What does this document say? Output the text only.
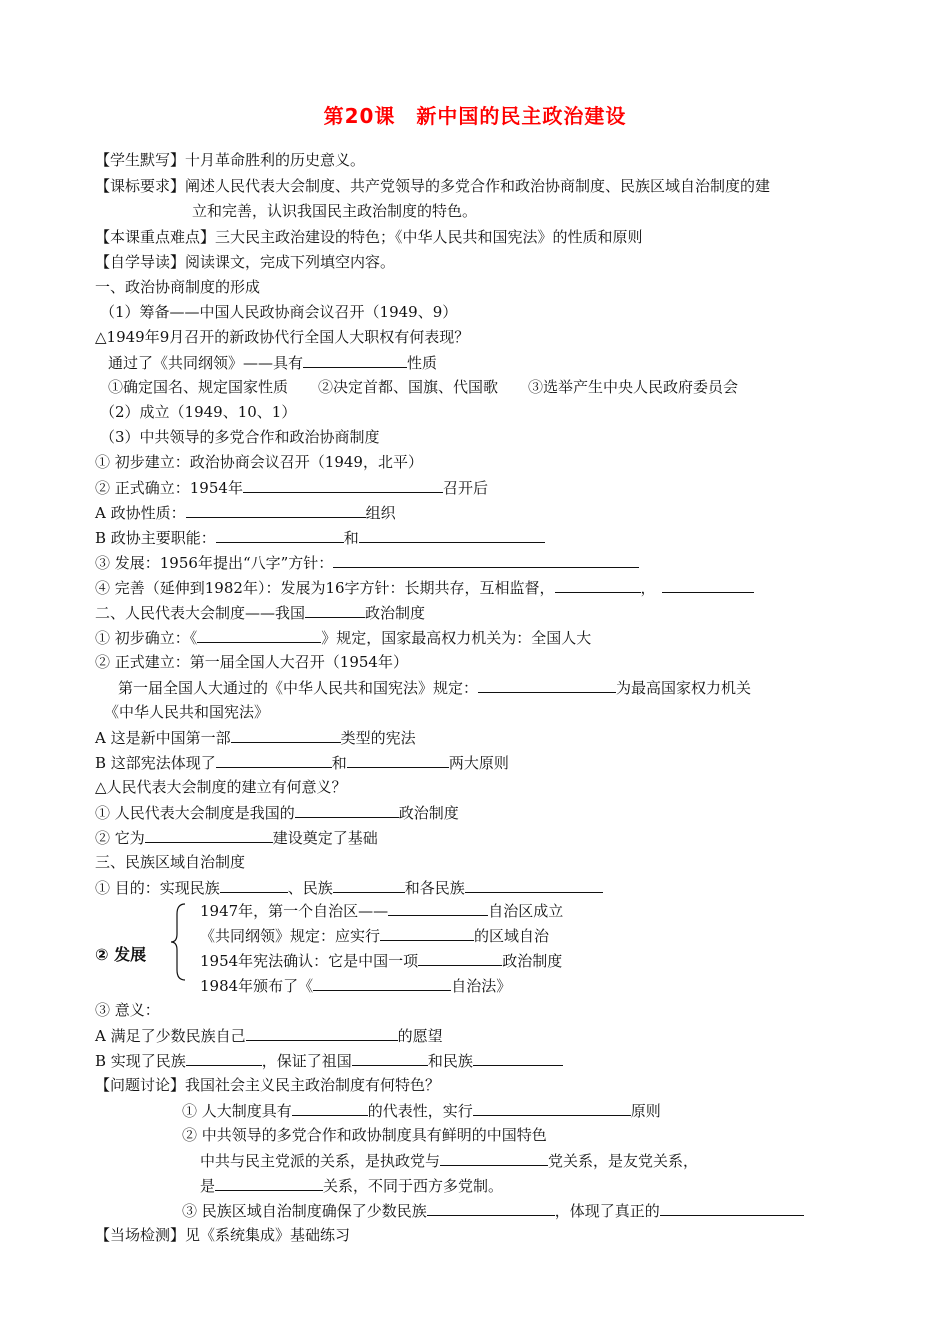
第20课　新中国的民主政治建设
【学生默写】十月革命胜利的历史意义。
【课标要求】阐述人民代表大会制度、共产党领导的多党合作和政治协商制度、民族区域自治制度的建
立和完善，认识我国民主政治制度的特色。
【本课重点难点】三大民主政治建设的特色；《中华人民共和国宪法》的性质和原则
【自学导读】阅读课文，完成下列填空内容。
一、政治协商制度的形成
（1）筹备——中国人民政协商会议召开（1949、9）
△1949年9月召开的新政协代行全国人大职权有何表现？
通过了《共同纲领》——具有	性质
①确定国名、规定国家性质　　②决定首都、国旗、代国歌　　③选举产生中央人民政府委员会
（2）成立（1949、10、1）
（3）中共领导的多党合作和政治协商制度
① 初步建立：政治协商会议召开（1949，北平）
② 正式确立：1954年	召开后
A 政协性质：	组织
B 政协主要职能：	和
③ 发展：1956年提出“八字”方针：
④ 完善（延伸到1982年）：发展为16字方针：长期共存，互相监督，	，
二、人民代表大会制度——我国	政治制度
① 初步确立：《	》规定，国家最高权力机关为：全国人大
② 正式建立：第一届全国人大召开（1954年）
第一届全国人大通过的《中华人民共和国宪法》规定：	为最高国家权力机关
《中华人民共和国宪法》
A 这是新中国第一部	类型的宪法
B 这部宪法体现了	和	两大原则
△人民代表大会制度的建立有何意义？
① 人民代表大会制度是我国的	政治制度
② 它为	建设奠定了基础
三、民族区域自治制度
① 目的：实现民族	、民族	和各民族
② 发展
1947年，第一个自治区——	自治区成立
《共同纲领》规定：应实行	的区域自治
1954年宪法确认：它是中国一项	政治制度
1984年颁布了《	自治法》
③ 意义：
A 满足了少数民族自己	的愿望
B 实现了民族	，保证了祖国	和民族
【问题讨论】我国社会主义民主政治制度有何特色？
① 人大制度具有	的代表性，实行	原则
② 中共领导的多党合作和政协制度具有鲜明的中国特色
中共与民主党派的关系，是执政党与	党关系，是友党关系，
是	关系，不同于西方多党制。
③ 民族区域自治制度确保了少数民族	，体现了真正的
【当场检测】见《系统集成》基础练习
